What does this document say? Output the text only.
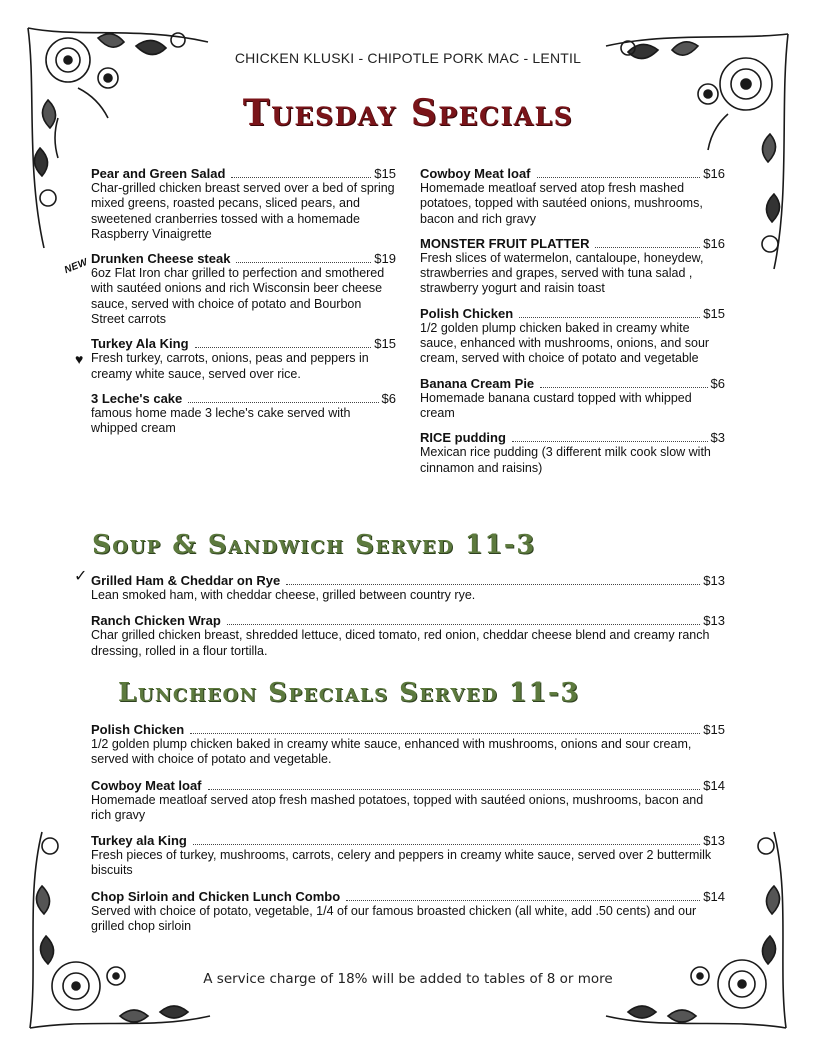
CHICKEN KLUSKI - CHIPOTLE PORK MAC - LENTIL
Tuesday Specials
NEW
♥
Pear and Green Salad	$15
Char-grilled chicken breast served over a bed of spring mixed greens, roasted pecans, sliced pears, and sweetened cranberries tossed with a homemade Raspberry Vinaigrette
Drunken Cheese steak	$19
6oz Flat Iron char grilled to perfection and smothered with sautéed onions and rich Wisconsin beer cheese sauce, served with choice of potato and Bourbon Street carrots
Turkey Ala King	$15
Fresh turkey, carrots, onions, peas and peppers in creamy white sauce, served over rice.
3 Leche's cake	$6
famous home made 3 leche's cake served with whipped cream
Cowboy Meat loaf	$16
Homemade meatloaf served atop fresh mashed potatoes, topped with sautéed onions, mushrooms, bacon and rich gravy
MONSTER FRUIT PLATTER	$16
Fresh slices of watermelon, cantaloupe, honeydew, strawberries and grapes, served with tuna salad , strawberry yogurt and raisin toast
Polish Chicken	$15
1/2 golden plump chicken baked in creamy white sauce, enhanced with mushrooms, onions, and sour cream, served with choice of potato and vegetable
Banana Cream Pie	$6
Homemade banana custard topped with whipped cream
RICE pudding	$3
Mexican rice pudding (3 different milk cook slow with cinnamon and raisins)
Soup & Sandwich Served 11-3
✓ Grilled Ham & Cheddar on Rye	$13
Lean smoked ham, with cheddar cheese, grilled between country rye.
Ranch Chicken Wrap	$13
Char grilled chicken breast, shredded lettuce, diced tomato, red onion, cheddar cheese blend and creamy ranch dressing, rolled in a flour tortilla.
Luncheon Specials Served 11-3
Polish Chicken	$15
1/2 golden plump chicken baked in creamy white sauce, enhanced with mushrooms, onions and sour cream, served with choice of potato and vegetable.
Cowboy Meat loaf	$14
Homemade meatloaf served atop fresh mashed potatoes, topped with sautéed onions, mushrooms, bacon and rich gravy
Turkey ala King	$13
Fresh pieces of turkey, mushrooms, carrots, celery and peppers in creamy white sauce, served over 2 buttermilk biscuits
Chop Sirloin and Chicken Lunch Combo	$14
Served with choice of potato, vegetable, 1/4 of our famous broasted chicken (all white, add .50 cents) and our grilled chop sirloin
A service charge of 18% will be added to tables of 8 or more
